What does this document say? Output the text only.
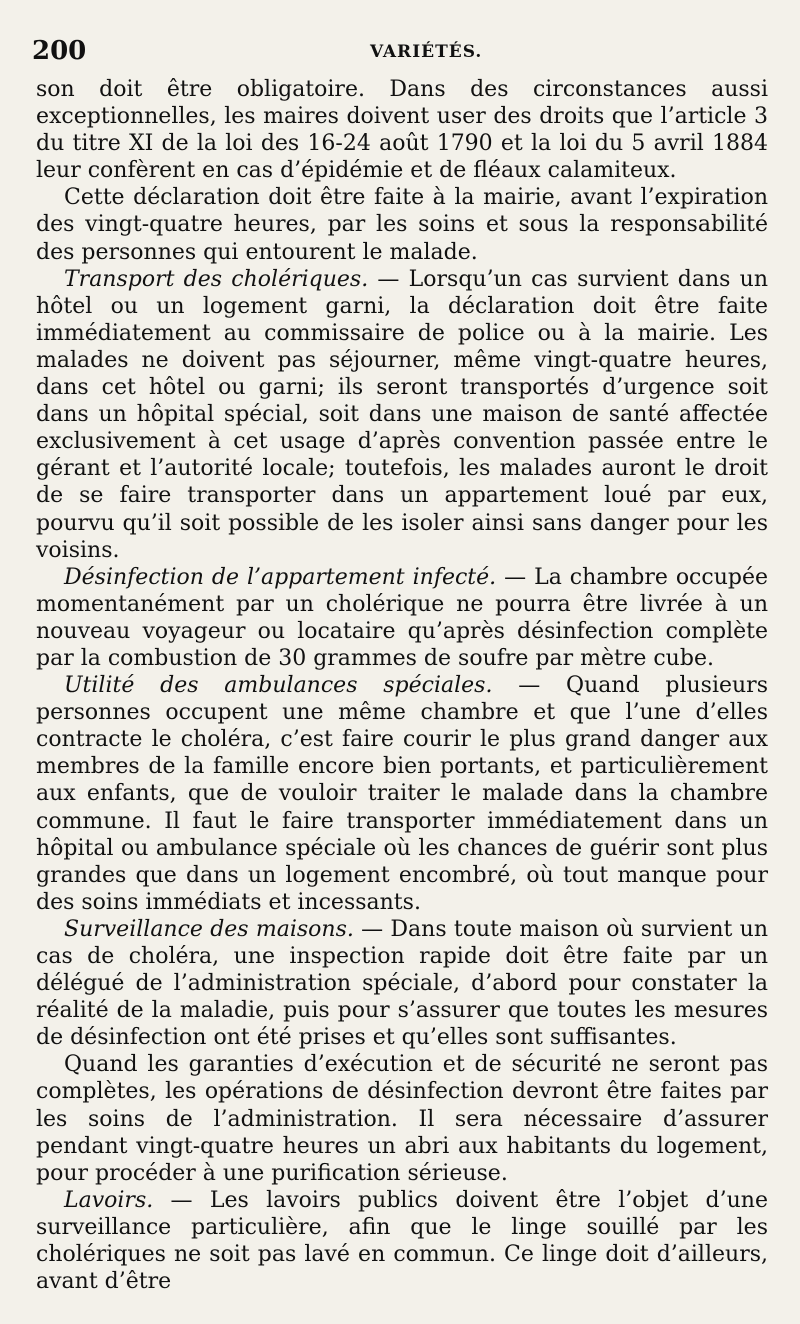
200	VARIÉTÉS.

son doit être obligatoire. Dans des circonstances aussi exceptionnelles, les maires doivent user des droits que l’article 3 du titre XI de la loi des 16-24 août 1790 et la loi du 5 avril 1884 leur confèrent en cas d’épidémie et de fléaux calamiteux.

Cette déclaration doit être faite à la mairie, avant l’expiration des vingt-quatre heures, par les soins et sous la responsabilité des personnes qui entourent le malade.

Transport des cholériques. — Lorsqu’un cas survient dans un hôtel ou un logement garni, la déclaration doit être faite immédiatement au commissaire de police ou à la mairie. Les malades ne doivent pas séjourner, même vingt-quatre heures, dans cet hôtel ou garni; ils seront transportés d’urgence soit dans un hôpital spécial, soit dans une maison de santé affectée exclusivement à cet usage d’après convention passée entre le gérant et l’autorité locale; toutefois, les malades auront le droit de se faire transporter dans un appartement loué par eux, pourvu qu’il soit possible de les isoler ainsi sans danger pour les voisins.

Désinfection de l’appartement infecté. — La chambre occupée momentanément par un cholérique ne pourra être livrée à un nouveau voyageur ou locataire qu’après désinfection complète par la combustion de 30 grammes de soufre par mètre cube.

Utilité des ambulances spéciales. — Quand plusieurs personnes occupent une même chambre et que l’une d’elles contracte le choléra, c’est faire courir le plus grand danger aux membres de la famille encore bien portants, et particulièrement aux enfants, que de vouloir traiter le malade dans la chambre commune. Il faut le faire transporter immédiatement dans un hôpital ou ambulance spéciale où les chances de guérir sont plus grandes que dans un logement encombré, où tout manque pour des soins immédiats et incessants.

Surveillance des maisons. — Dans toute maison où survient un cas de choléra, une inspection rapide doit être faite par un délégué de l’administration spéciale, d’abord pour constater la réalité de la maladie, puis pour s’assurer que toutes les mesures de désinfection ont été prises et qu’elles sont suffisantes.

Quand les garanties d’exécution et de sécurité ne seront pas complètes, les opérations de désinfection devront être faites par les soins de l’administration. Il sera nécessaire d’assurer pendant vingt-quatre heures un abri aux habitants du logement, pour procéder à une purification sérieuse.

Lavoirs. — Les lavoirs publics doivent être l’objet d’une surveillance particulière, afin que le linge souillé par les cholériques ne soit pas lavé en commun. Ce linge doit d’ailleurs, avant d’être
